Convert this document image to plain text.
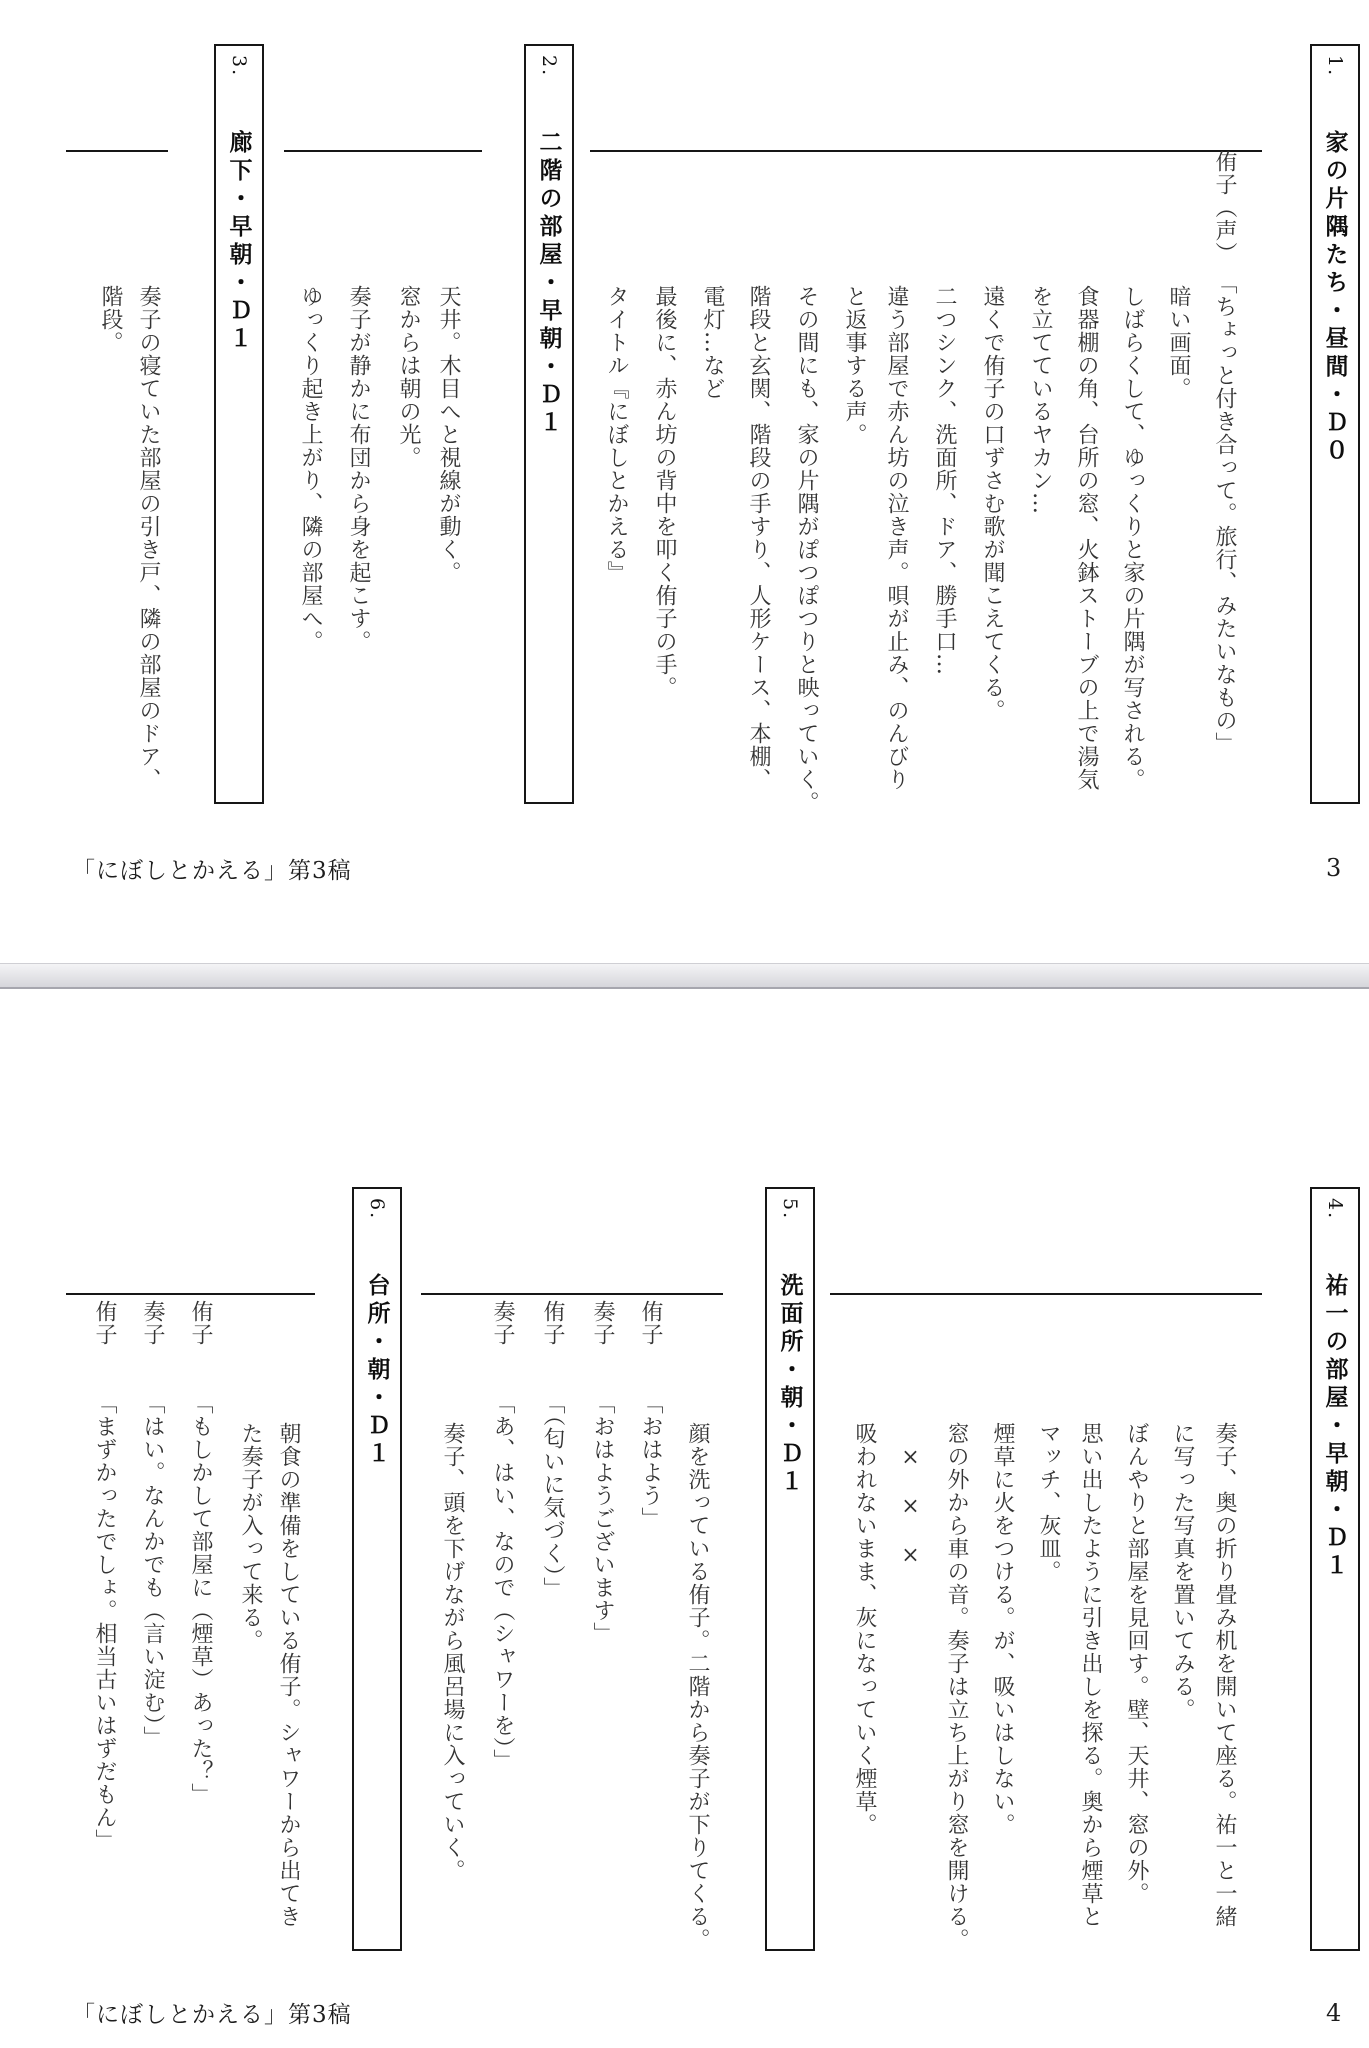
1.
家の片隅たち・昼間・Ｄ０
侑子（声）
「ちょっと付き合って。旅行、みたいなもの」
暗い画面。
しばらくして、ゆっくりと家の片隅が写される。
食器棚の角、台所の窓、火鉢ストーブの上で湯気
を立てているヤカン…
遠くで侑子の口ずさむ歌が聞こえてくる。
二つシンク、洗面所、ドア、勝手口…
違う部屋で赤ん坊の泣き声。唄が止み、のんびり
と返事する声。
その間にも、家の片隅がぽつぽつりと映っていく。
階段と玄関、階段の手すり、人形ケース、本棚、
電灯…など
最後に、赤ん坊の背中を叩く侑子の手。
タイトル『にぼしとかえる』
2.
二階の部屋・早朝・Ｄ１
天井。木目へと視線が動く。
窓からは朝の光。
奏子が静かに布団から身を起こす。
ゆっくり起き上がり、隣の部屋へ。
3.
廊下・早朝・Ｄ１
奏子の寝ていた部屋の引き戸、隣の部屋のドア、
階段。
「にぼしとかえる」第3稿	3
4.
祐一の部屋・早朝・Ｄ１
奏子、奥の折り畳み机を開いて座る。祐一と一緒
に写った写真を置いてみる。
ぼんやりと部屋を見回す。壁、天井、窓の外。
思い出したように引き出しを探る。奥から煙草と
マッチ、灰皿。
煙草に火をつける。が、吸いはしない。
窓の外から車の音。奏子は立ち上がり窓を開ける。
×　×　×
吸われないまま、灰になっていく煙草。
5.
洗面所・朝・Ｄ１
顔を洗っている侑子。二階から奏子が下りてくる。
侑子
「おはよう」
奏子
「おはようございます」
侑子
「（匂いに気づく）」
奏子
「あ、はい、なので（シャワーを）」
奏子、頭を下げながら風呂場に入っていく。
6.
台所・朝・Ｄ１
朝食の準備をしている侑子。シャワーから出てき
た奏子が入って来る。
侑子
「もしかして部屋に（煙草）あった？」
奏子
「はい。なんかでも（言い淀む）」
侑子
「まずかったでしょ。相当古いはずだもん」
「にぼしとかえる」第3稿	4
